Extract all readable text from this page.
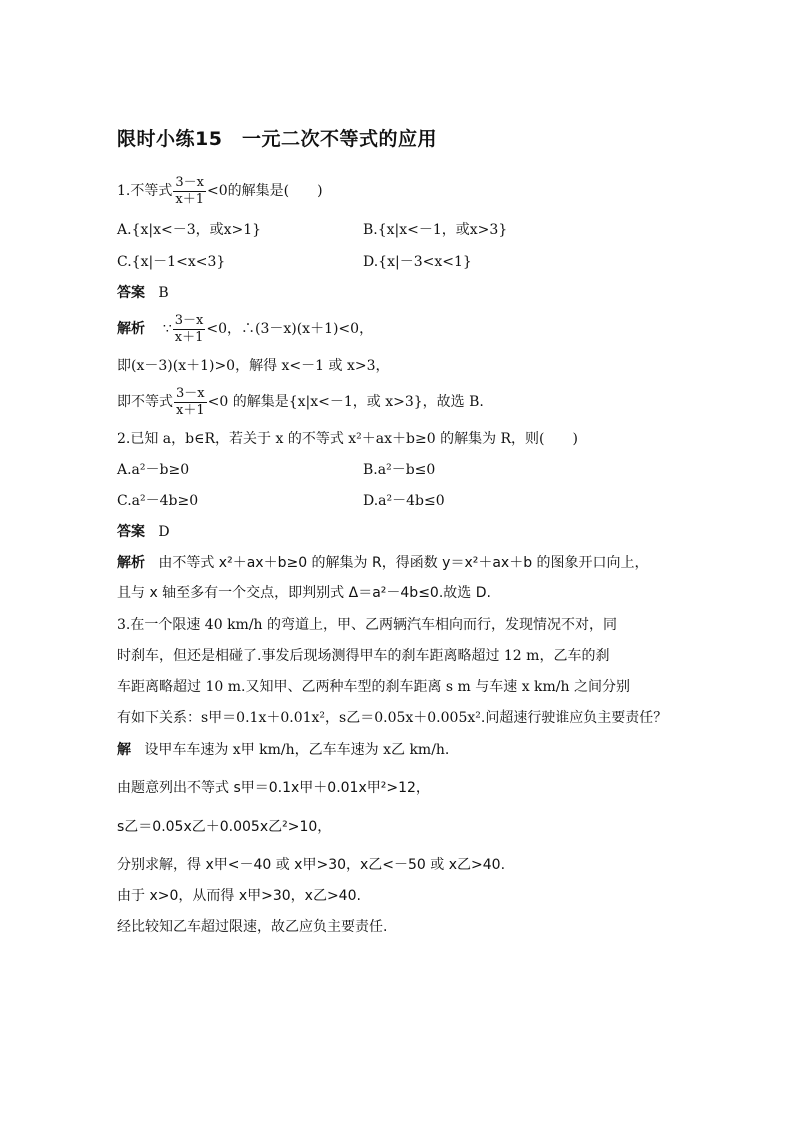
限时小练15　一元二次不等式的应用
1.不等式 $\frac{3-x}{x+1} <0$的解集是(　　)
A.{x|x<－3，或x>1}	B.{x|x<－1，或x>3}
C.{x|－1<x<3}	D.{x|－3<x<1}
答案 B
解析 ∵ $\frac{3-x}{x+1} <0$，∴(3－x)(x＋1)<0，
即(x－3)(x＋1)>0，解得 x<－1 或 x>3，
即不等式 $\frac{3-x}{x+1} <0$ 的解集是{x|x<－1，或 x>3}，故选 B.
2.已知 a，b∈R，若关于 x 的不等式 x²＋ax＋b≥0 的解集为 R，则(　　)
A.a²－b≥0	B.a²－b≤0
C.a²－4b≥0	D.a²－4b≤0
答案 D
解析 由不等式 x²＋ax＋b≥0 的解集为 R，得函数 y＝x²＋ax＋b 的图象开口向上，
且与 x 轴至多有一个交点，即判别式 Δ＝a²－4b≤0.故选 D.
3.在一个限速 40 km/h 的弯道上，甲、乙两辆汽车相向而行，发现情况不对，同
时刹车，但还是相碰了.事发后现场测得甲车的刹车距离略超过 12 m，乙车的刹
车距离略超过 10 m.又知甲、乙两种车型的刹车距离 s m 与车速 x km/h 之间分别
有如下关系：s甲＝0.1x＋0.01x²，s乙＝0.05x＋0.005x².问超速行驶谁应负主要责任？
解 设甲车车速为 x甲 km/h，乙车车速为 x乙 km/h.
由题意列出不等式 s甲＝0.1x甲＋0.01x甲²>12，
s乙＝0.05x乙＋0.005x乙²>10，
分别求解，得 x甲<－40 或 x甲>30，x乙<－50 或 x乙>40.
由于 x>0，从而得 x甲>30，x乙>40.
经比较知乙车超过限速，故乙应负主要责任.
